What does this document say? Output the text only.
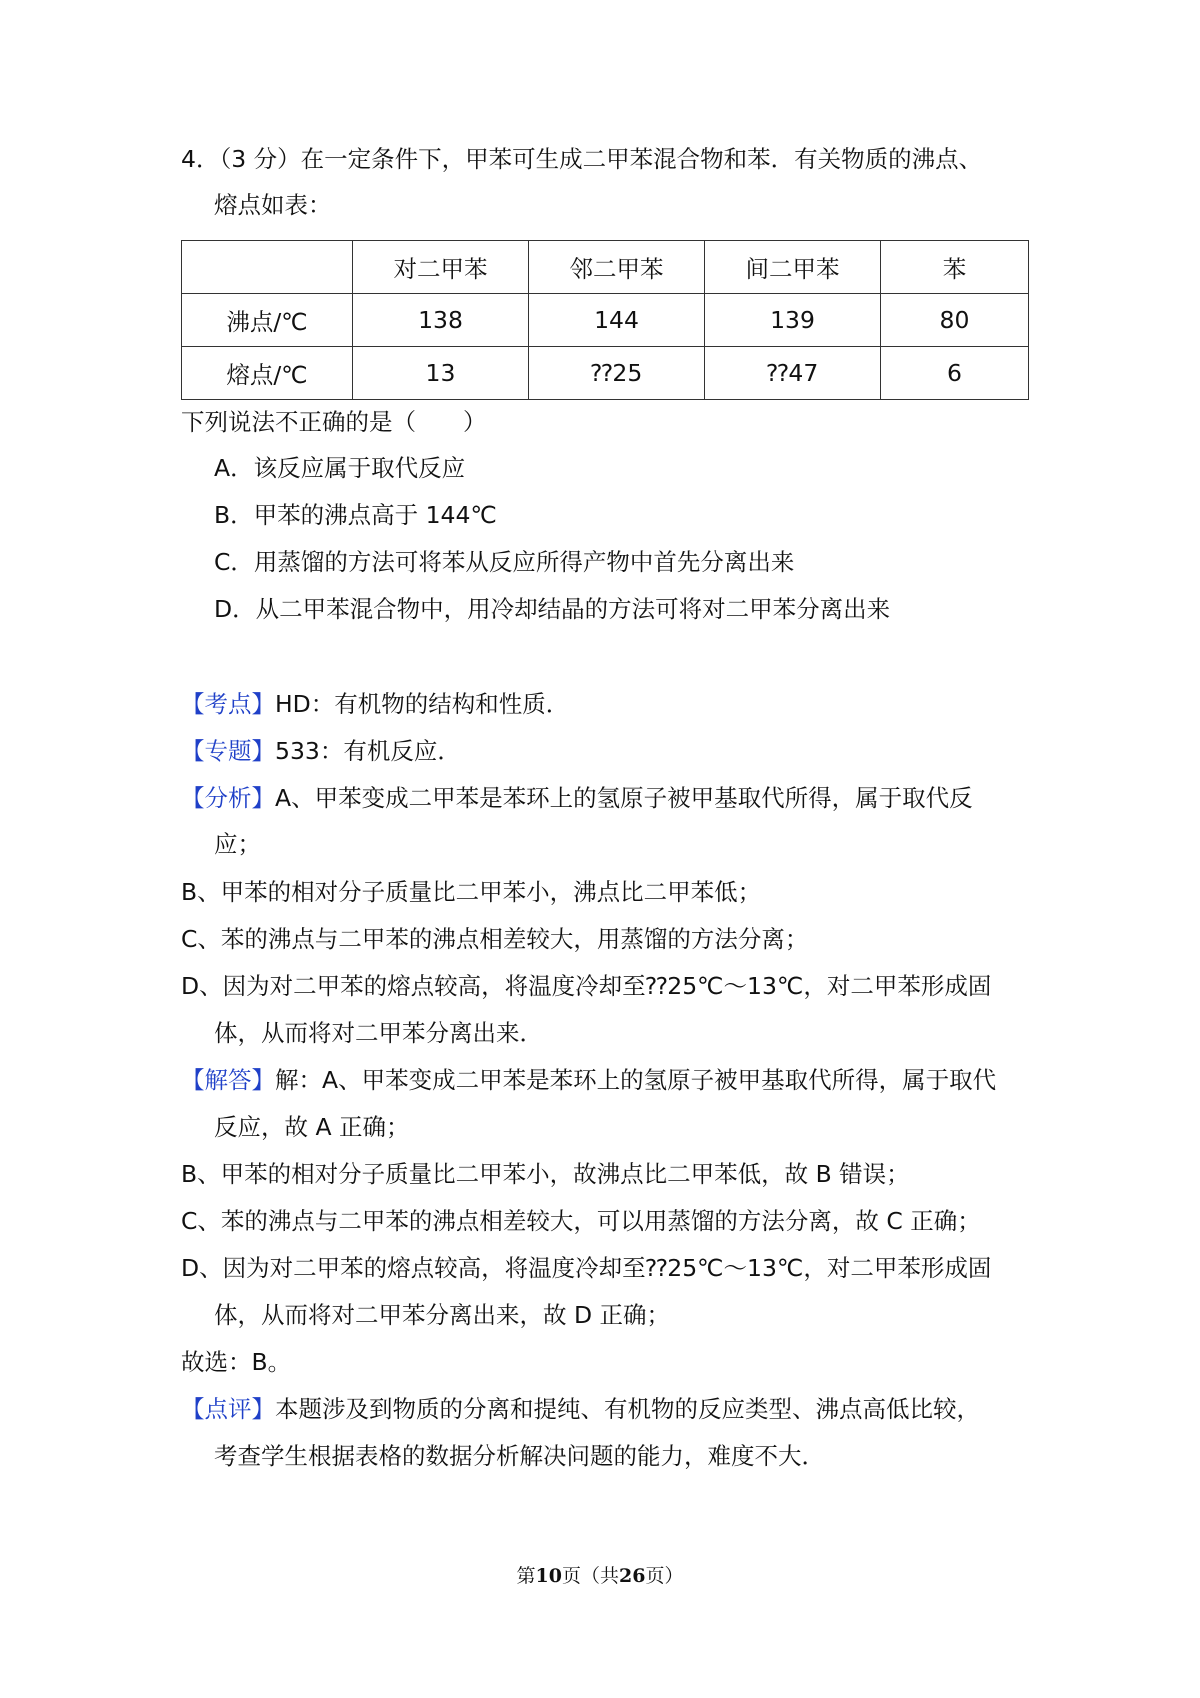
4．（3 分）在一定条件下，甲苯可生成二甲苯混合物和苯．有关物质的沸点、
熔点如表：
	对二甲苯	邻二甲苯	间二甲苯	苯
沸点/℃	138	144	139	80
熔点/℃	13	⁇25	⁇47	6
下列说法不正确的是（　　）
A．该反应属于取代反应
B．甲苯的沸点高于 144℃
C．用蒸馏的方法可将苯从反应所得产物中首先分离出来
D．从二甲苯混合物中，用冷却结晶的方法可将对二甲苯分离出来
【考点】HD：有机物的结构和性质．
【专题】533：有机反应．
【分析】A、甲苯变成二甲苯是苯环上的氢原子被甲基取代所得，属于取代反
应；
B、甲苯的相对分子质量比二甲苯小，沸点比二甲苯低；
C、苯的沸点与二甲苯的沸点相差较大，用蒸馏的方法分离；
D、因为对二甲苯的熔点较高，将温度冷却至⁇25℃～13℃，对二甲苯形成固
体，从而将对二甲苯分离出来．
【解答】解：A、甲苯变成二甲苯是苯环上的氢原子被甲基取代所得，属于取代
反应，故 A 正确；
B、甲苯的相对分子质量比二甲苯小，故沸点比二甲苯低，故 B 错误；
C、苯的沸点与二甲苯的沸点相差较大，可以用蒸馏的方法分离，故 C 正确；
D、因为对二甲苯的熔点较高，将温度冷却至⁇25℃～13℃，对二甲苯形成固
体，从而将对二甲苯分离出来，故 D 正确；
故选：B。
【点评】本题涉及到物质的分离和提纯、有机物的反应类型、沸点高低比较，
考查学生根据表格的数据分析解决问题的能力，难度不大．
第10页（共26页）
